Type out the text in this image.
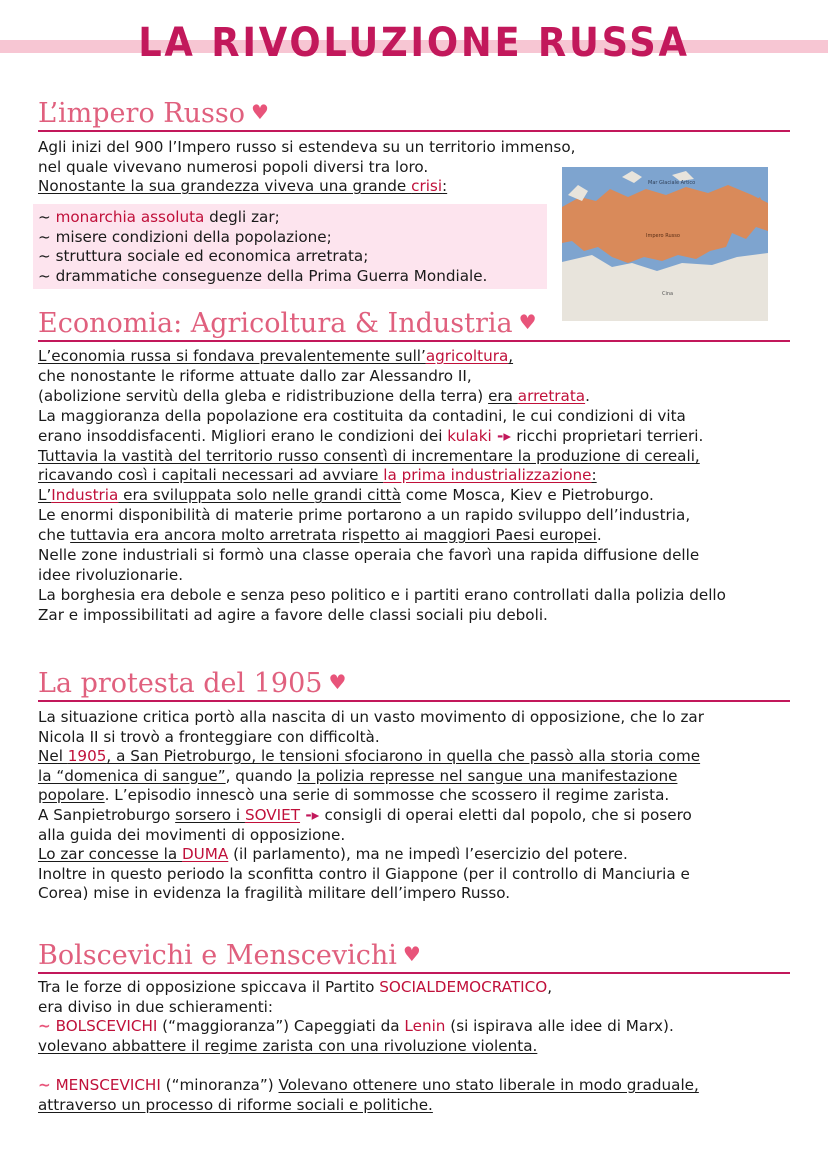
LA RIVOLUZIONE RUSSA
L’impero Russo ♥
Agli inizi del 900 l’Impero russo si estendeva su un territorio immenso,
nel quale vivevano numerosi popoli diversi tra loro.
Nonostante la sua grandezza viveva una grande crisi:
~ monarchia assoluta degli zar;
~ misere condizioni della popolazione;
~ struttura sociale ed economica arretrata;
~ drammatiche conseguenze della Prima Guerra Mondiale.
Mar Glaciale Artico
Impero Russo
Cina
Economia: Agricoltura & Industria ♥
L’economia russa si fondava prevalentemente sull’agricoltura,
che nonostante le riforme attuate dallo zar Alessandro II,
(abolizione servitù della gleba e ridistribuzione della terra) era arretrata.
La maggioranza della popolazione era costituita da contadini, le cui condizioni di vita
erano insoddisfacenti. Migliori erano le condizioni dei kulaki -▸ ricchi proprietari terrieri.
Tuttavia la vastità del territorio russo consentì di incrementare la produzione di cereali,
ricavando così i capitali necessari ad avviare la prima industrializzazione:
L’Industria era sviluppata solo nelle grandi città come Mosca, Kiev e Pietroburgo.
Le enormi disponibilità di materie prime portarono a un rapido sviluppo dell’industria,
che tuttavia era ancora molto arretrata rispetto ai maggiori Paesi europei.
Nelle zone industriali si formò una classe operaia che favorì una rapida diffusione delle
idee rivoluzionarie.
La borghesia era debole e senza peso politico e i partiti erano controllati dalla polizia dello
Zar e impossibilitati ad agire a favore delle classi sociali piu deboli.
La protesta del 1905 ♥
La situazione critica portò alla nascita di un vasto movimento di opposizione, che lo zar
Nicola II si trovò a fronteggiare con difficoltà.
Nel 1905, a San Pietroburgo, le tensioni sfociarono in quella che passò alla storia come
la “domenica di sangue”, quando la polizia represse nel sangue una manifestazione
popolare. L’episodio innescò una serie di sommosse che scossero il regime zarista.
A Sanpietroburgo sorsero i SOVIET -▸ consigli di operai eletti dal popolo, che si posero
alla guida dei movimenti di opposizione.
Lo zar concesse la DUMA (il parlamento), ma ne impedì l’esercizio del potere.
Inoltre in questo periodo la sconfitta contro il Giappone (per il controllo di Manciuria e
Corea) mise in evidenza la fragilità militare dell’impero Russo.
Bolscevichi e Menscevichi ♥
Tra le forze di opposizione spiccava il Partito SOCIALDEMOCRATICO,
era diviso in due schieramenti:
~ BOLSCEVICHI (“maggioranza”) Capeggiati da Lenin (si ispirava alle idee di Marx).
volevano abbattere il regime zarista con una rivoluzione violenta.
~ MENSCEVICHI (“minoranza”) Volevano ottenere uno stato liberale in modo graduale,
attraverso un processo di riforme sociali e politiche.
